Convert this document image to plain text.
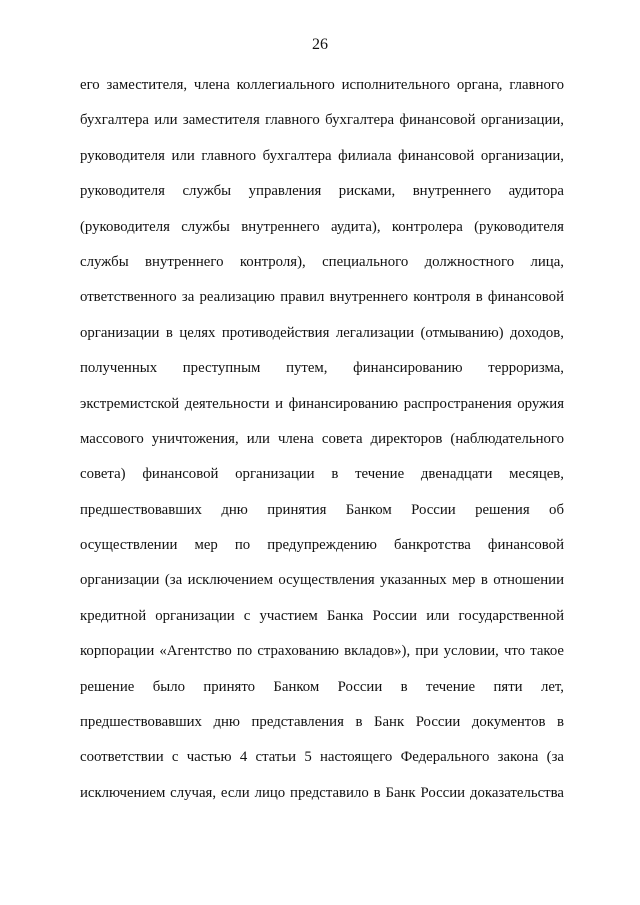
26
его заместителя, члена коллегиального исполнительного органа, главного
бухгалтера или заместителя главного бухгалтера финансовой организации,
руководителя или главного бухгалтера филиала финансовой организации,
руководителя службы управления рисками, внутреннего аудитора
(руководителя службы внутреннего аудита), контролера (руководителя
службы внутреннего контроля), специального должностного лица,
ответственного за реализацию правил внутреннего контроля в финансовой
организации в целях противодействия легализации (отмыванию) доходов,
полученных преступным путем, финансированию терроризма,
экстремистской деятельности и финансированию распространения оружия
массового уничтожения, или члена совета директоров (наблюдательного
совета) финансовой организации в течение двенадцати месяцев,
предшествовавших дню принятия Банком России решения об
осуществлении мер по предупреждению банкротства финансовой
организации (за исключением осуществления указанных мер в отношении
кредитной организации с участием Банка России или государственной
корпорации «Агентство по страхованию вкладов»), при условии, что такое
решение было принято Банком России в течение пяти лет,
предшествовавших дню представления в Банк России документов в
соответствии с частью 4 статьи 5 настоящего Федерального закона (за
исключением случая, если лицо представило в Банк России доказательства
